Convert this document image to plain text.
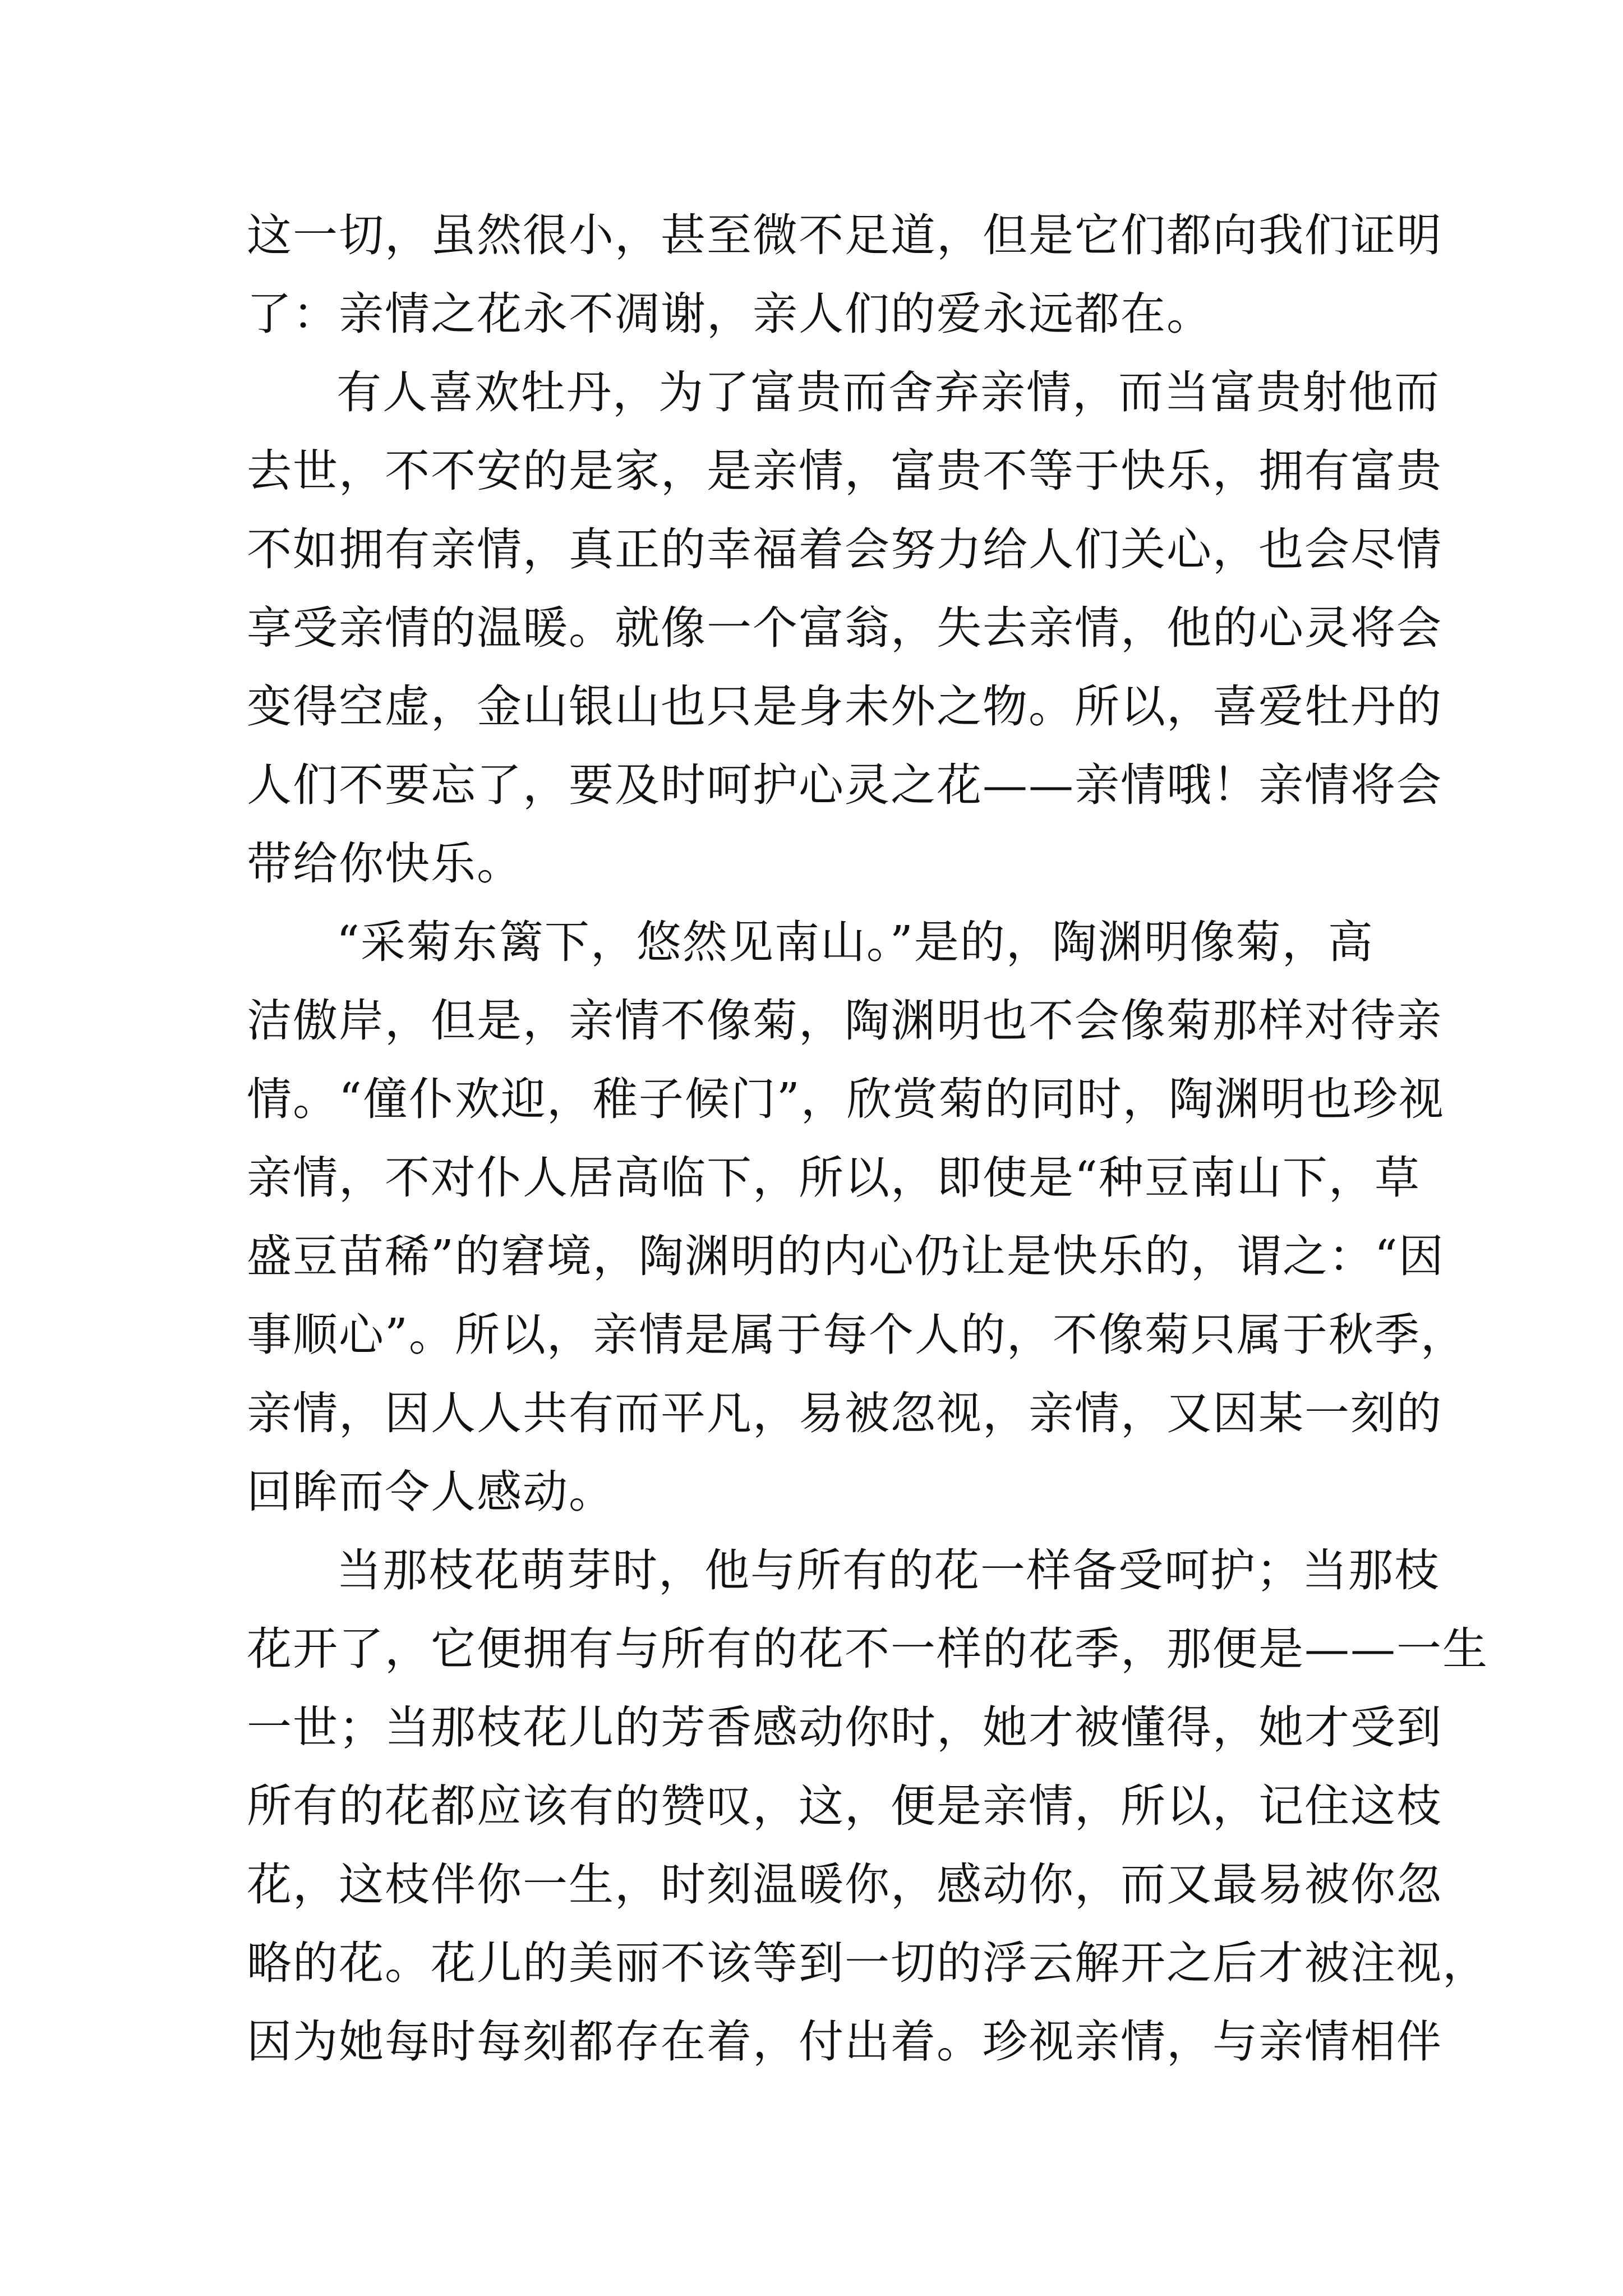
这一切，虽然很小，甚至微不足道，但是它们都向我们证明
了：亲情之花永不凋谢，亲人们的爱永远都在。
有人喜欢牡丹，为了富贵而舍弃亲情，而当富贵射他而
去世，不不安的是家，是亲情，富贵不等于快乐，拥有富贵
不如拥有亲情，真正的幸福着会努力给人们关心，也会尽情
享受亲情的温暖。就像一个富翁，失去亲情，他的心灵将会
变得空虚，金山银山也只是身未外之物。所以，喜爱牡丹的
人们不要忘了，要及时呵护心灵之花——亲情哦！亲情将会
带给你快乐。
“采菊东篱下，悠然见南山。”是的，陶渊明像菊，高
洁傲岸，但是，亲情不像菊，陶渊明也不会像菊那样对待亲
情。“僮仆欢迎，稚子候门”，欣赏菊的同时，陶渊明也珍视
亲情，不对仆人居高临下，所以，即使是“种豆南山下，草
盛豆苗稀”的窘境，陶渊明的内心仍让是快乐的，谓之：“因
事顺心”。所以，亲情是属于每个人的，不像菊只属于秋季，
亲情，因人人共有而平凡，易被忽视，亲情，又因某一刻的
回眸而令人感动。
当那枝花萌芽时，他与所有的花一样备受呵护；当那枝
花开了，它便拥有与所有的花不一样的花季，那便是——一生
一世；当那枝花儿的芳香感动你时，她才被懂得，她才受到
所有的花都应该有的赞叹，这，便是亲情，所以，记住这枝
花，这枝伴你一生，时刻温暖你，感动你，而又最易被你忽
略的花。花儿的美丽不该等到一切的浮云解开之后才被注视，
因为她每时每刻都存在着，付出着。珍视亲情，与亲情相伴
